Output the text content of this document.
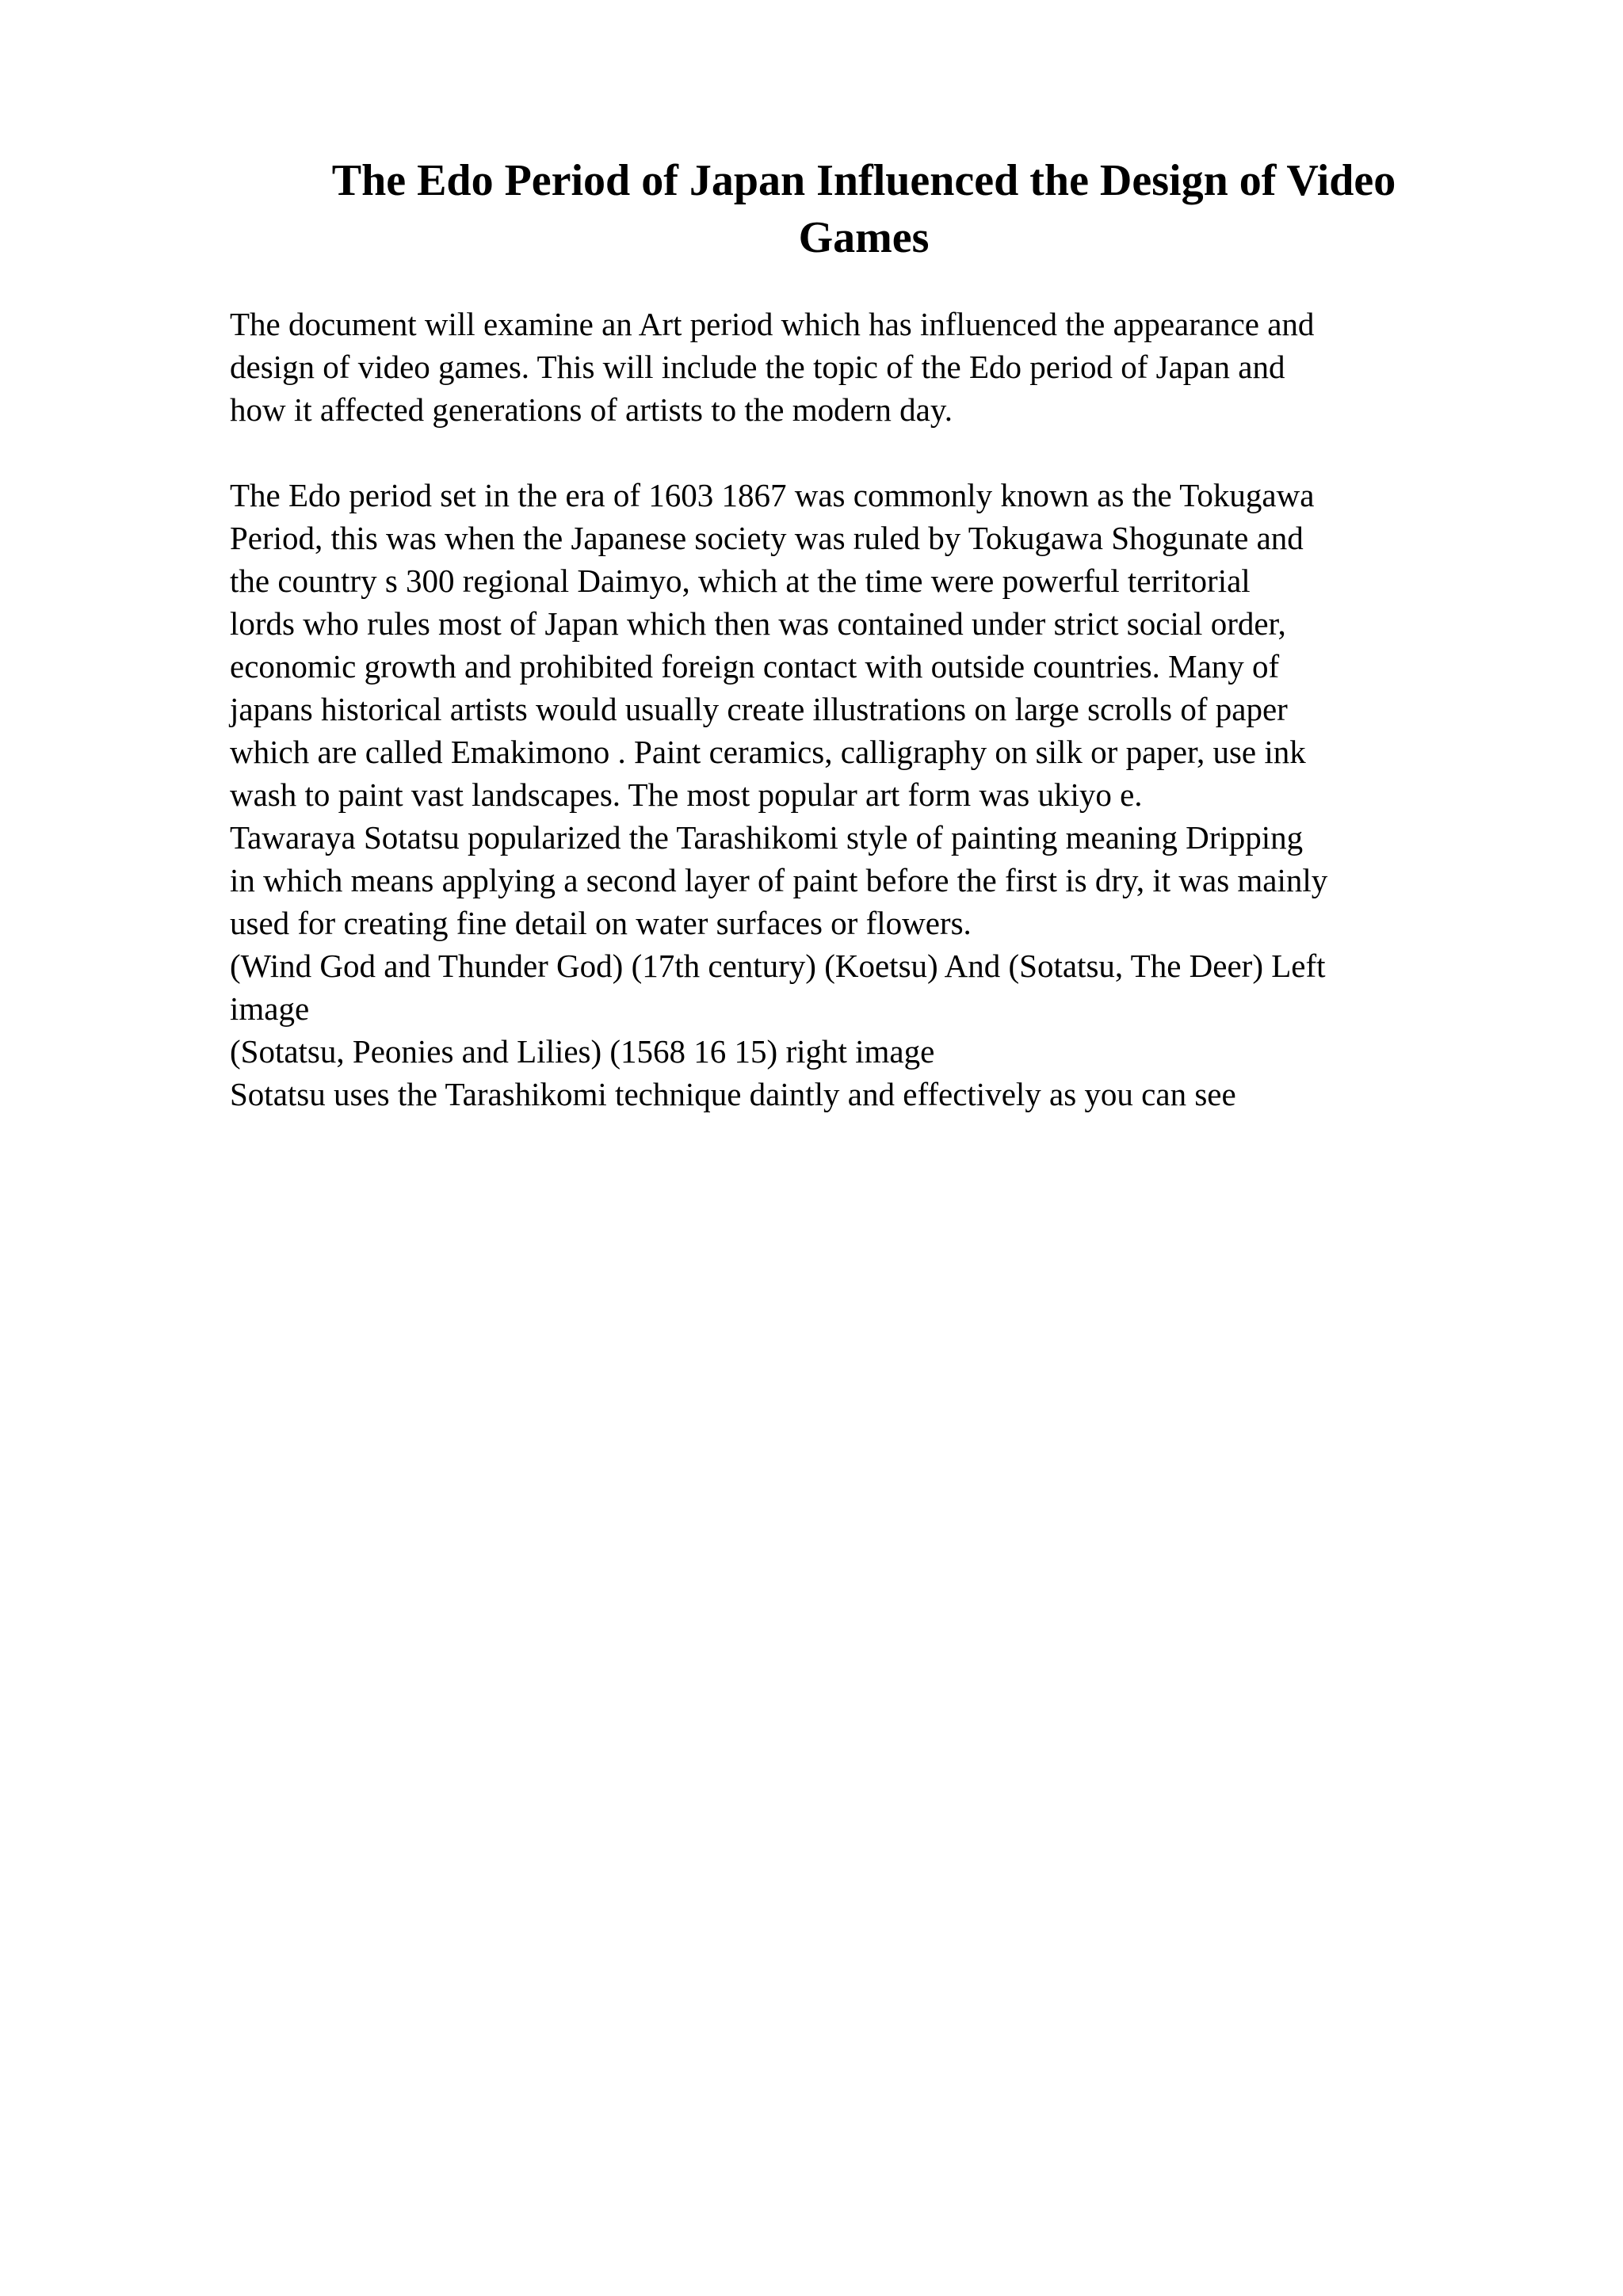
The Edo Period of Japan Influenced the Design of Video
Games

The document will examine an Art period which has influenced the appearance and
design of video games. This will include the topic of the Edo period of Japan and
how it affected generations of artists to the modern day.

The Edo period set in the era of 1603 1867 was commonly known as the Tokugawa
Period, this was when the Japanese society was ruled by Tokugawa Shogunate and
the country s 300 regional Daimyo, which at the time were powerful territorial
lords who rules most of Japan which then was contained under strict social order,
economic growth and prohibited foreign contact with outside countries. Many of
japans historical artists would usually create illustrations on large scrolls of paper
which are called Emakimono . Paint ceramics, calligraphy on silk or paper, use ink
wash to paint vast landscapes. The most popular art form was ukiyo e.
Tawaraya Sotatsu popularized the Tarashikomi style of painting meaning Dripping
in which means applying a second layer of paint before the first is dry, it was mainly
used for creating fine detail on water surfaces or flowers.
(Wind God and Thunder God) (17th century) (Koetsu) And (Sotatsu, The Deer) Left
image
(Sotatsu, Peonies and Lilies) (1568 16 15) right image
Sotatsu uses the Tarashikomi technique daintly and effectively as you can see
